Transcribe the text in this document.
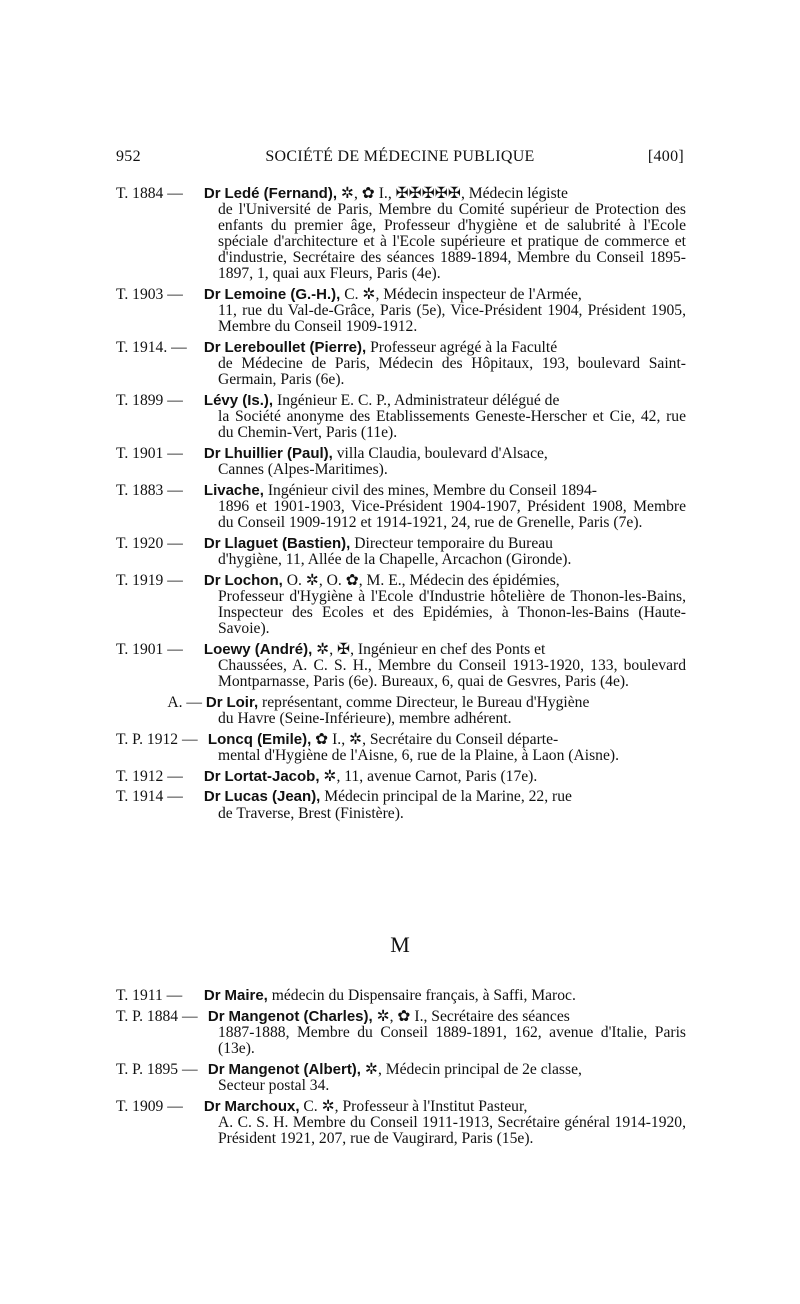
952	SOCIÉTÉ DE MÉDECINE PUBLIQUE	[400]
T. 1884 — Dr Ledé (Fernand), ✲, ✿ I., ✠✠✠✠✠, Médecin légiste
de l'Université de Paris, Membre du Comité supérieur de Protection des enfants du premier âge, Professeur d'hygiène et de salubrité à l'Ecole spéciale d'architecture et à l'Ecole supérieure et pratique de commerce et d'industrie, Secrétaire des séances 1889-1894, Membre du Conseil 1895-1897, 1, quai aux Fleurs, Paris (4e).
T. 1903 — Dr Lemoine (G.-H.), C. ✲, Médecin inspecteur de l'Armée,
11, rue du Val-de-Grâce, Paris (5e), Vice-Président 1904, Président 1905, Membre du Conseil 1909-1912.
T. 1914. — Dr Lereboullet (Pierre), Professeur agrégé à la Faculté
de Médecine de Paris, Médecin des Hôpitaux, 193, boulevard Saint-Germain, Paris (6e).
T. 1899 — Lévy (Is.), Ingénieur E. C. P., Administrateur délégué de
la Société anonyme des Etablissements Geneste-Herscher et Cie, 42, rue du Chemin-Vert, Paris (11e).
T. 1901 — Dr Lhuillier (Paul), villa Claudia, boulevard d'Alsace,
Cannes (Alpes-Maritimes).
T. 1883 — Livache, Ingénieur civil des mines, Membre du Conseil 1894-
1896 et 1901-1903, Vice-Président 1904-1907, Président 1908, Membre du Conseil 1909-1912 et 1914-1921, 24, rue de Grenelle, Paris (7e).
T. 1920 — Dr Llaguet (Bastien), Directeur temporaire du Bureau
d'hygiène, 11, Allée de la Chapelle, Arcachon (Gironde).
T. 1919 — Dr Lochon, O. ✲, O. ✿, M. E., Médecin des épidémies,
Professeur d'Hygiène à l'Ecole d'Industrie hôtelière de Thonon-les-Bains, Inspecteur des Ecoles et des Epidémies, à Thonon-les-Bains (Haute-Savoie).
T. 1901 — Loewy (André), ✲, ✠, Ingénieur en chef des Ponts et
Chaussées, A. C. S. H., Membre du Conseil 1913-1920, 133, boulevard Montparnasse, Paris (6e). Bureaux, 6, quai de Gesvres, Paris (4e).
A. — Dr Loir, représentant, comme Directeur, le Bureau d'Hygiène
du Havre (Seine-Inférieure), membre adhérent.
T. P. 1912 — Loncq (Emile), ✿ I., ✲, Secrétaire du Conseil départe-
mental d'Hygiène de l'Aisne, 6, rue de la Plaine, à Laon (Aisne).
T. 1912 — Dr Lortat-Jacob, ✲, 11, avenue Carnot, Paris (17e).
T. 1914 — Dr Lucas (Jean), Médecin principal de la Marine, 22, rue
de Traverse, Brest (Finistère).
M
T. 1911 — Dr Maire, médecin du Dispensaire français, à Saffi, Maroc.
T. P. 1884 — Dr Mangenot (Charles), ✲, ✿ I., Secrétaire des séances
1887-1888, Membre du Conseil 1889-1891, 162, avenue d'Italie, Paris (13e).
T. P. 1895 — Dr Mangenot (Albert), ✲, Médecin principal de 2e classe,
Secteur postal 34.
T. 1909 — Dr Marchoux, C. ✲, Professeur à l'Institut Pasteur,
A. C. S. H. Membre du Conseil 1911-1913, Secrétaire général 1914-1920, Président 1921, 207, rue de Vaugirard, Paris (15e).
